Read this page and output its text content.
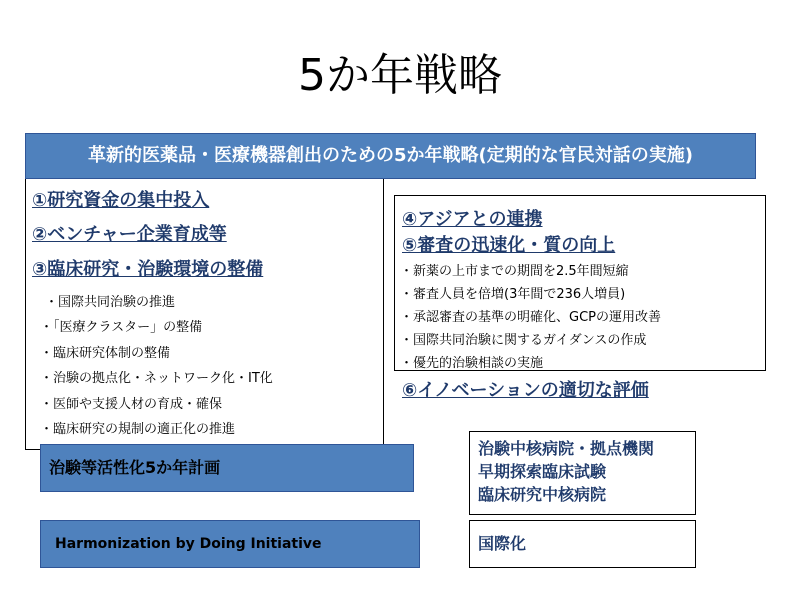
5か年戦略
革新的医薬品・医療機器創出のための5か年戦略(定期的な官民対話の実施)
①研究資金の集中投入
②ベンチャー企業育成等
③臨床研究・治験環境の整備
・国際共同治験の推進
・「医療クラスター」の整備
・臨床研究体制の整備
・治験の拠点化・ネットワーク化・IT化
・医師や支援人材の育成・確保
・臨床研究の規制の適正化の推進
④アジアとの連携
⑤審査の迅速化・質の向上
・新薬の上市までの期間を2.5年間短縮
・審査人員を倍増(3年間で236人増員)
・承認審査の基準の明確化、GCPの運用改善
・国際共同治験に関するガイダンスの作成
・優先的治験相談の実施
⑥イノベーションの適切な評価
治験等活性化5か年計画
Harmonization by Doing Initiative
治験中核病院・拠点機関
早期探索臨床試験
臨床研究中核病院
国際化
